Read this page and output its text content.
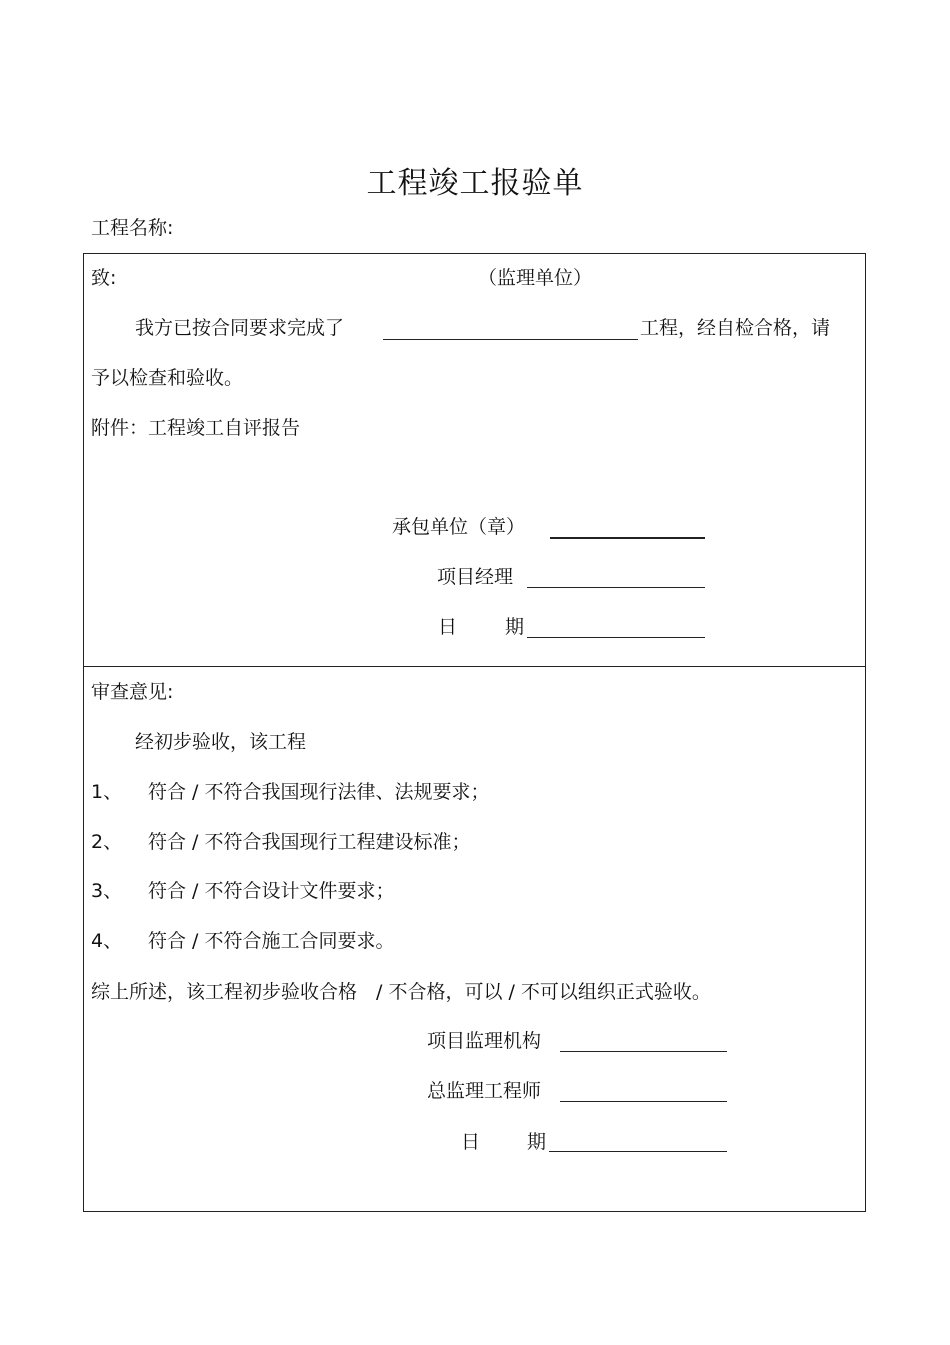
工程竣工报验单
工程名称:
致:	（监理单位）
我方已按合同要求完成了	工程，经自检合格，请
予以检查和验收。
附件：工程竣工自评报告
承包单位（章）
项目经理
日	期
审查意见:
经初步验收，该工程
1、 符合 / 不符合我国现行法律、法规要求；
2、 符合 / 不符合我国现行工程建设标准；
3、 符合 / 不符合设计文件要求；
4、 符合 / 不符合施工合同要求。
综上所述，该工程初步验收合格　/ 不合格，可以 / 不可以组织正式验收。
项目监理机构
总监理工程师
日 期
